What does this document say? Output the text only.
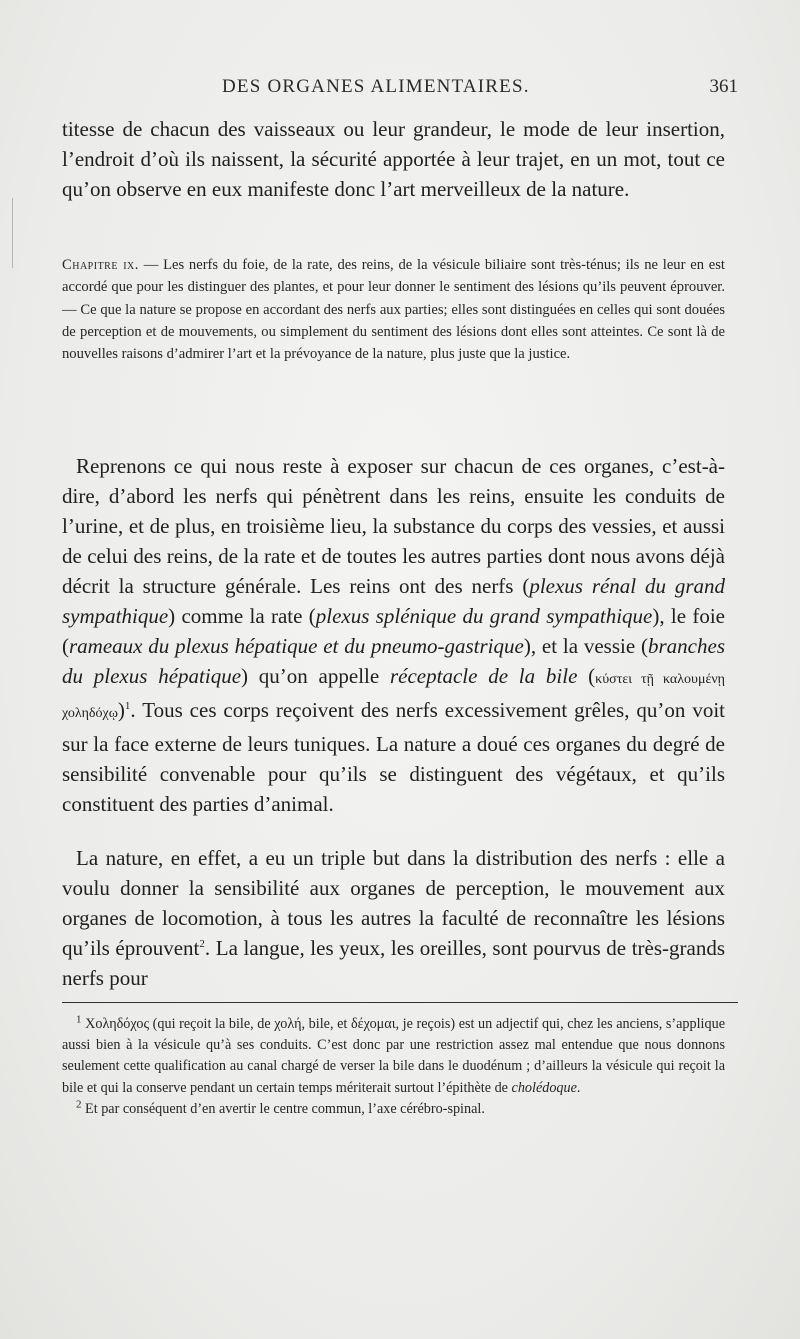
DES ORGANES ALIMENTAIRES.	361

titesse de chacun des vaisseaux ou leur grandeur, le mode de leur insertion, l’endroit d’où ils naissent, la sécurité apportée à leur trajet, en un mot, tout ce qu’on observe en eux manifeste donc l’art merveilleux de la nature.

Chapitre ix. — Les nerfs du foie, de la rate, des reins, de la vésicule biliaire sont très-ténus; ils ne leur en est accordé que pour les distinguer des plantes, et pour leur donner le sentiment des lésions qu’ils peuvent éprouver. — Ce que la nature se propose en accordant des nerfs aux parties; elles sont distinguées en celles qui sont douées de perception et de mouvements, ou simplement du sentiment des lésions dont elles sont atteintes. Ce sont là de nouvelles raisons d’admirer l’art et la prévoyance de la nature, plus juste que la justice.

Reprenons ce qui nous reste à exposer sur chacun de ces organes, c’est-à-dire, d’abord les nerfs qui pénètrent dans les reins, ensuite les conduits de l’urine, et de plus, en troisième lieu, la substance du corps des vessies, et aussi de celui des reins, de la rate et de toutes les autres parties dont nous avons déjà décrit la structure générale. Les reins ont des nerfs (plexus rénal du grand sympathique) comme la rate (plexus splénique du grand sympathique), le foie (rameaux du plexus hépatique et du pneumo-gastrique), et la vessie (branches du plexus hépatique) qu’on appelle réceptacle de la bile (κύστει τῇ καλουμένῃ χοληδόχῳ)$^1$. Tous ces corps reçoivent des nerfs excessivement grêles, qu’on voit sur la face externe de leurs tuniques. La nature a doué ces organes du degré de sensibilité convenable pour qu’ils se distinguent des végétaux, et qu’ils constituent des parties d’animal.

La nature, en effet, a eu un triple but dans la distribution des nerfs : elle a voulu donner la sensibilité aux organes de perception, le mouvement aux organes de locomotion, à tous les autres la faculté de reconnaître les lésions qu’ils éprouvent$^2$. La langue, les yeux, les oreilles, sont pourvus de très-grands nerfs pour

$^1$ Χοληδόχος (qui reçoit la bile, de χολή, bile, et δέχομαι, je reçois) est un adjectif qui, chez les anciens, s’applique aussi bien à la vésicule qu’à ses conduits. C’est donc par une restriction assez mal entendue que nous donnons seulement cette qualification au canal chargé de verser la bile dans le duodénum ; d’ailleurs la vésicule qui reçoit la bile et qui la conserve pendant un certain temps mériterait surtout l’épithète de cholédoque.

$^2$ Et par conséquent d’en avertir le centre commun, l’axe cérébro-spinal.
